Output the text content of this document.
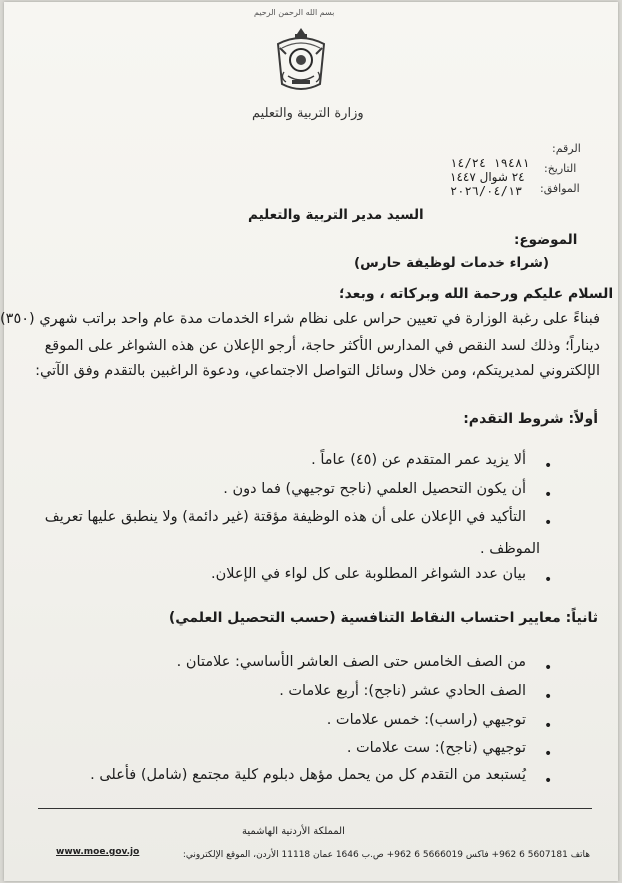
بسم الله الرحمن الرحيم
وزارة التربية والتعليم
الرقم:
التاريخ:
الموافق:
١٩٤٨١ ١٤/٢٤
٢٤ شوال ١٤٤٧
٢٠٢٦/٠٤/١٣
السيد مدير التربية والتعليم
الموضوع:
(شراء خدمات لوظيفة حارس)
السلام عليكم ورحمة الله وبركاته ، وبعد؛
فبناءً على رغبة الوزارة في تعيين حراس على نظام شراء الخدمات مدة عام واحد براتب شهري (٣٥٠)
ديناراً؛ وذلك لسد النقص في المدارس الأكثر حاجة، أرجو الإعلان عن هذه الشواغر على الموقع
الإلكتروني لمديريتكم، ومن خلال وسائل التواصل الاجتماعي، ودعوة الراغبين بالتقدم وفق الآتي:
أولاً: شروط التقدم:
•
ألا يزيد عمر المتقدم عن (٤٥) عاماً .
•
أن يكون التحصيل العلمي (ناجح توجيهي) فما دون .
•
التأكيد في الإعلان على أن هذه الوظيفة مؤقتة (غير دائمة) ولا ينطبق عليها تعريف
الموظف .
•
بيان عدد الشواغر المطلوبة على كل لواء في الإعلان.
ثانياً: معايير احتساب النقاط التنافسية (حسب التحصيل العلمي)
•
من الصف الخامس حتى الصف العاشر الأساسي: علامتان .
•
الصف الحادي عشر (ناجح): أربع علامات .
•
توجيهي (راسب): خمس علامات .
•
توجيهي (ناجح): ست علامات .
•
يُستبعد من التقدم كل من يحمل مؤهل دبلوم كلية مجتمع (شامل) فأعلى .
المملكة الأردنية الهاشمية
هاتف 5607181 6 962+ فاكس 5666019 6 962+ ص.ب 1646 عمان 11118 الأردن، الموقع الإلكتروني:
www.moe.gov.jo
